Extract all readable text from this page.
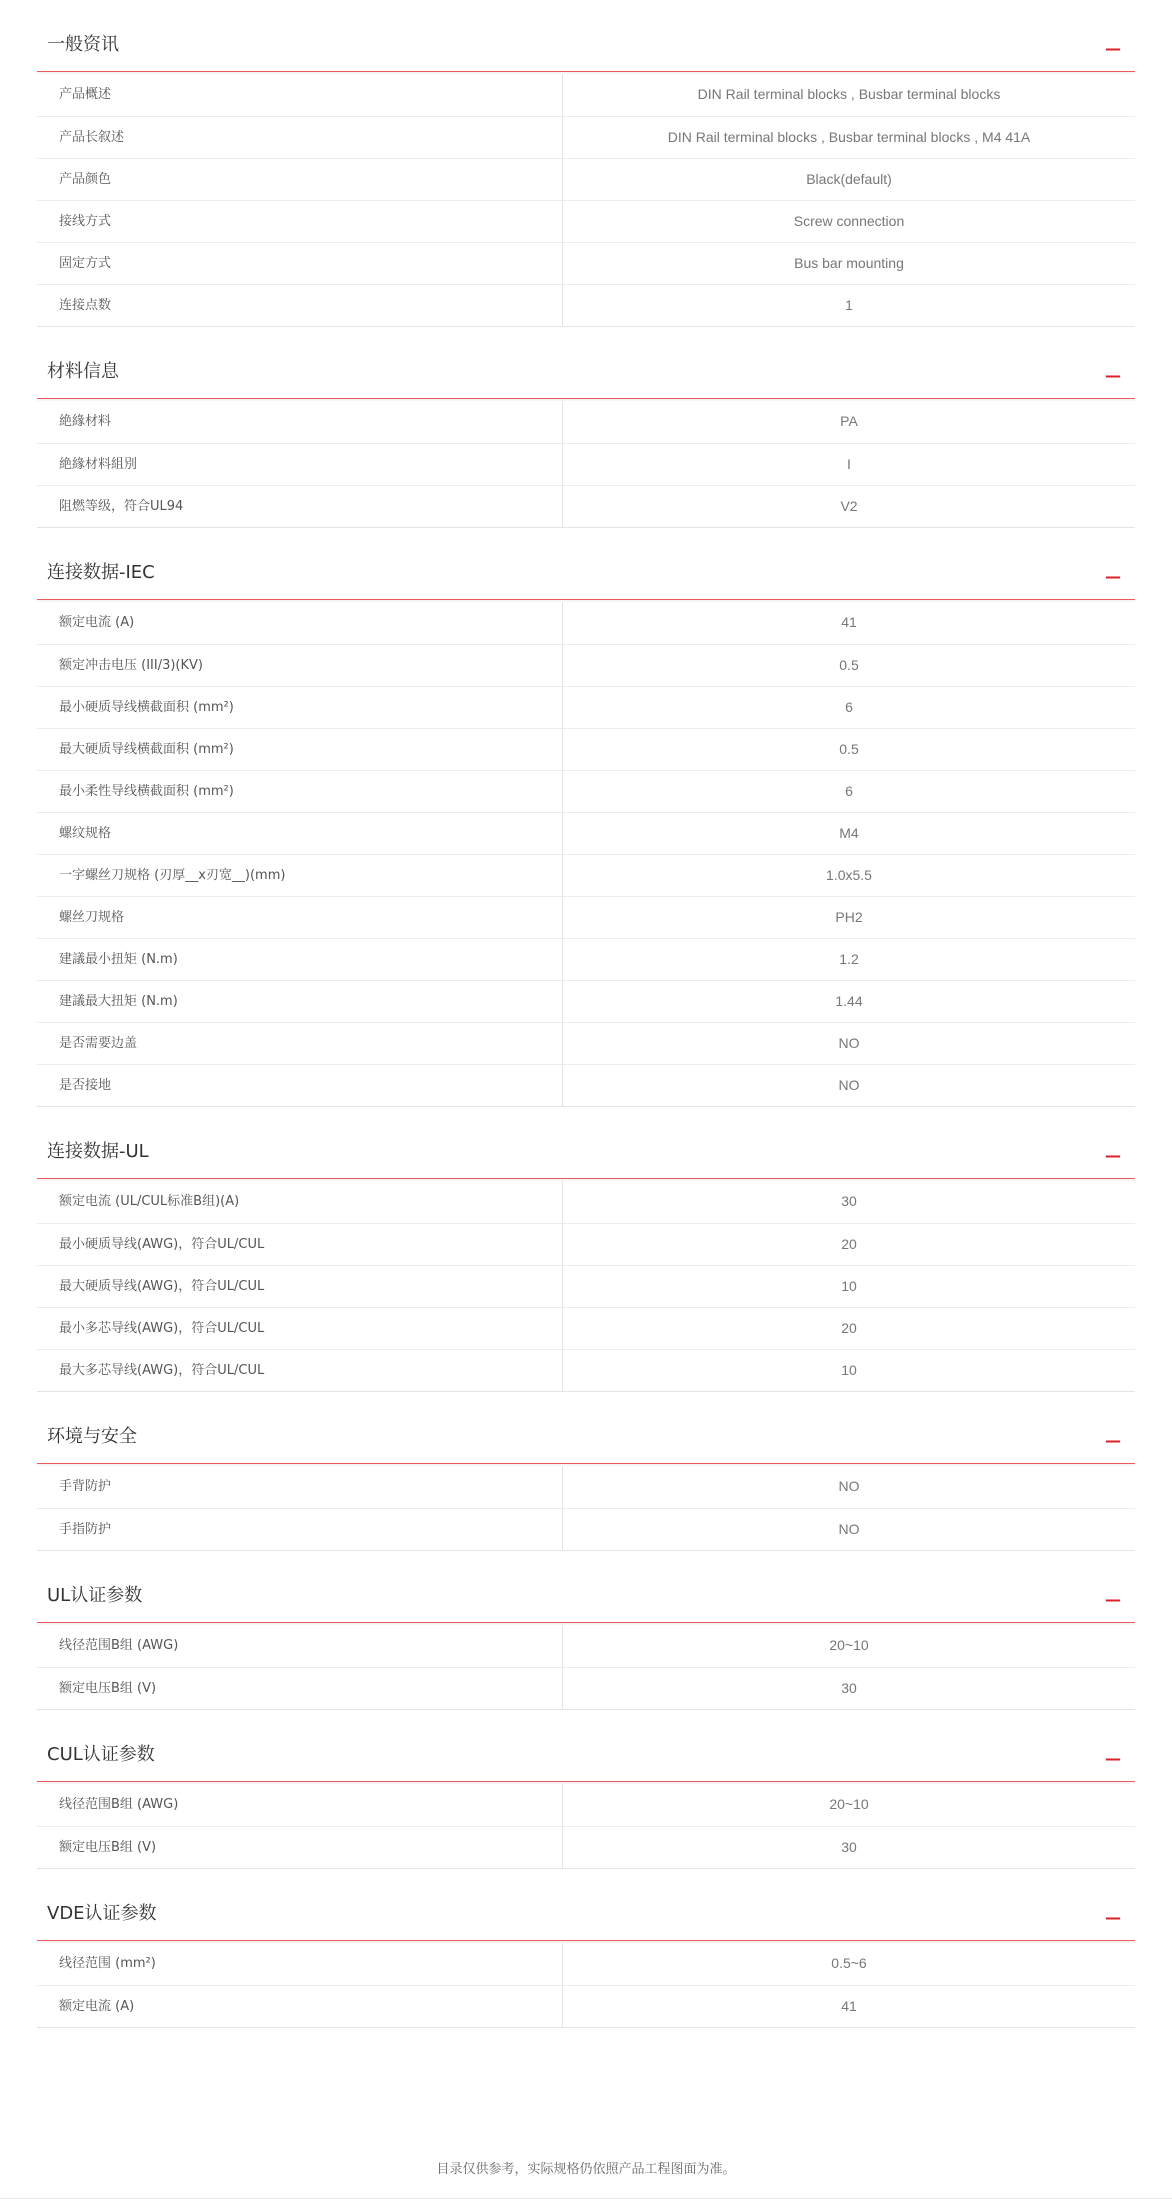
一般资讯	—
产品概述	DIN Rail terminal blocks , Busbar terminal blocks
产品长叙述	DIN Rail terminal blocks , Busbar terminal blocks , M4 41A
产品颜色	Black(default)
接线方式	Screw connection
固定方式	Bus bar mounting
连接点数	1
材料信息	—
絶緣材料	PA
絶緣材料組別	I
阻燃等级，符合UL94	V2
连接数据-IEC	—
额定电流 (A)	41
额定冲击电压 (III/3)(KV)	0.5
最小硬质导线横截面积 (mm²)	6
最大硬质导线横截面积 (mm²)	0.5
最小柔性导线横截面积 (mm²)	6
螺纹规格	M4
一字螺丝刀规格 (刃厚__x刃宽__)(mm)	1.0x5.5
螺丝刀规格	PH2
建議最小扭矩 (N.m)	1.2
建議最大扭矩 (N.m)	1.44
是否需要边盖	NO
是否接地	NO
连接数据-UL	—
额定电流 (UL/CUL标准B组)(A)	30
最小硬质导线(AWG)，符合UL/CUL	20
最大硬质导线(AWG)，符合UL/CUL	10
最小多芯导线(AWG)，符合UL/CUL	20
最大多芯导线(AWG)，符合UL/CUL	10
环境与安全	—
手背防护	NO
手指防护	NO
UL认证参数	—
线径范围B组 (AWG)	20~10
额定电压B组 (V)	30
CUL认证参数	—
线径范围B组 (AWG)	20~10
额定电压B组 (V)	30
VDE认证参数	—
线径范围 (mm²)	0.5~6
额定电流 (A)	41
目录仅供参考，实际规格仍依照产品工程图面为准。
